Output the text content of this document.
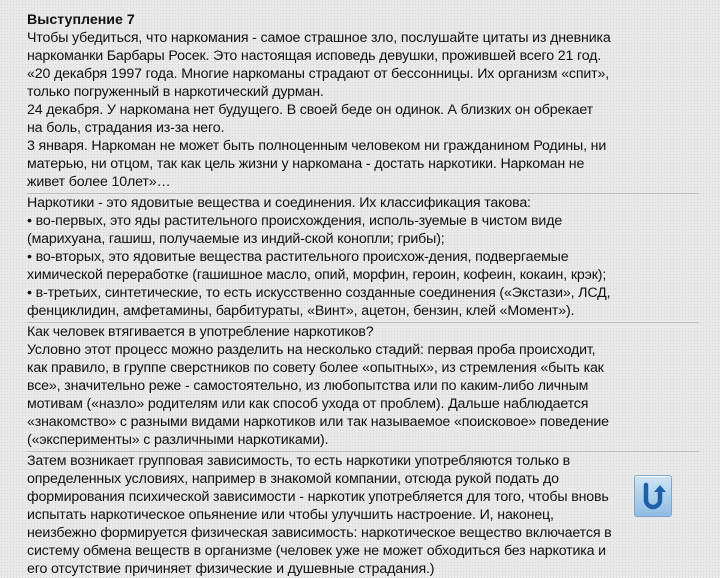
Выступление 7

Чтобы убедиться, что наркомания - самое страшное зло, послушайте цитаты из дневника
наркоманки Барбары Росек. Это настоящая исповедь девушки, прожившей всего 21 год.
«20 декабря 1997 года. Многие наркоманы страдают от бессонницы. Их организм «спит»,
только погруженный в наркотический дурман.
24 декабря. У наркомана нет будущего. В своей беде он одинок. А близких он обрекает
на боль, страдания из-за него.
3 января. Наркоман не может быть полноценным человеком ни гражданином Родины, ни
матерью, ни отцом, так как цель жизни у наркомана - достать наркотики. Наркоман не
живет более 10лет»…
Наркотики - это ядовитые вещества и соединения. Их классификация такова:
• во-первых, это яды растительного происхождения, исполь-зуемые в чистом виде
(марихуана, гашиш, получаемые из индий-ской конопли; грибы);
• во-вторых, это ядовитые вещества растительного происхож-дения, подвергаемые
химической переработке (гашишное масло, опий, морфин, героин, кофеин, кокаин, крэк);
• в-третьих, синтетические, то есть искусственно созданные соединения («Экстази», ЛСД,
фенциклидин, амфетамины, барбитураты, «Винт», ацетон, бензин, клей «Момент»).
Как человек втягивается в употребление наркотиков?
Условно этот процесс можно разделить на несколько стадий: первая проба происходит,
как правило, в группе сверстников по совету более «опытных», из стремления «быть как
все», значительно реже - самостоятельно, из любопытства или по каким-либо личным
мотивам («назло» родителям или как способ ухода от проблем). Дальше наблюдается
«знакомство» с разными видами наркотиков или так называемое «поисковое» поведение
(«эксперименты» с различными наркотиками).
Затем возникает групповая зависимость, то есть наркотики употребляются только в
определенных условиях, например в знакомой компании, отсюда рукой подать до
формирования психической зависимости - наркотик употребляется для того, чтобы вновь
испытать наркотическое опьянение или чтобы улучшить настроение. И, наконец,
неизбежно формируется физическая зависимость: наркотическое вещество включается в
систему обмена веществ в организме (человек уже не может обходиться без наркотика и
его отсутствие причиняет физические и душевные страдания.)
